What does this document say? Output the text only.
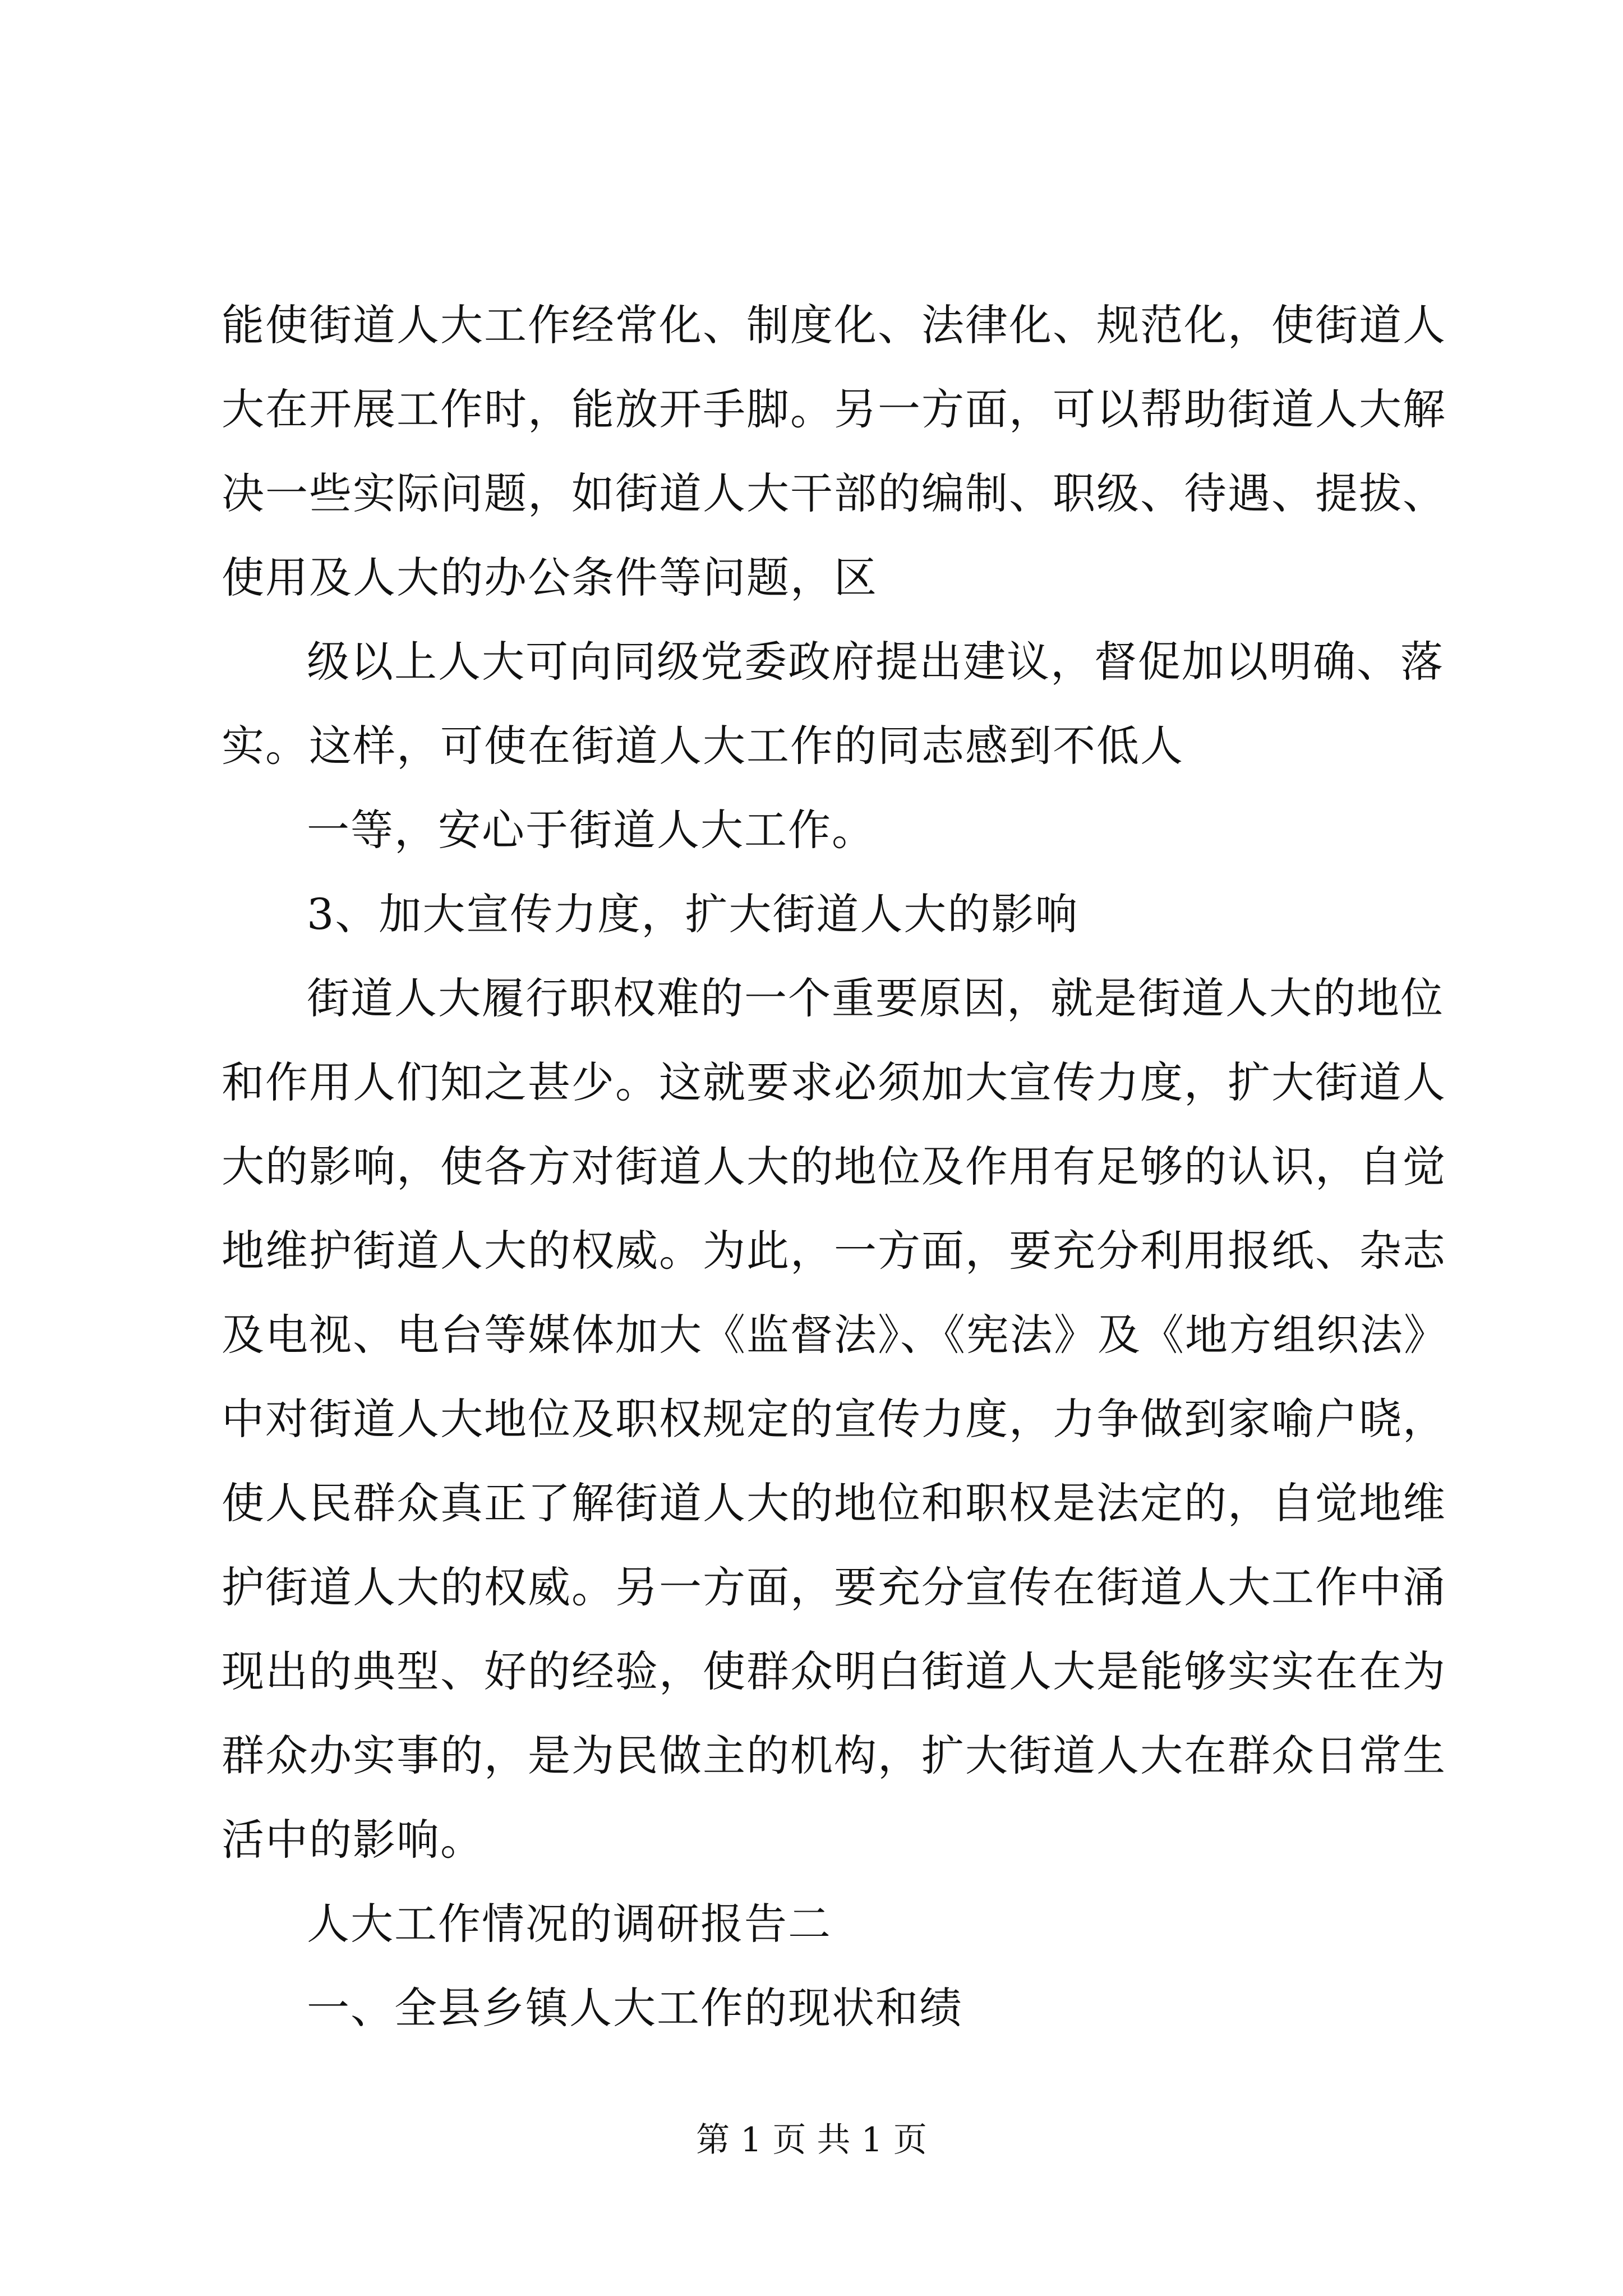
能使街道人大工作经常化、制度化、法律化、规范化，使街道人
大在开展工作时，能放开手脚。另一方面，可以帮助街道人大解
决一些实际问题，如街道人大干部的编制、职级、待遇、提拔、
使用及人大的办公条件等问题，区
级以上人大可向同级党委政府提出建议，督促加以明确、落
实。这样，可使在街道人大工作的同志感到不低人
一等，安心于街道人大工作。
3、加大宣传力度，扩大街道人大的影响
街道人大履行职权难的一个重要原因，就是街道人大的地位
和作用人们知之甚少。这就要求必须加大宣传力度，扩大街道人
大的影响，使各方对街道人大的地位及作用有足够的认识，自觉
地维护街道人大的权威。为此，一方面，要充分利用报纸、杂志
及电视、电台等媒体加大《监督法》、《宪法》及《地方组织法》
中对街道人大地位及职权规定的宣传力度，力争做到家喻户晓，
使人民群众真正了解街道人大的地位和职权是法定的，自觉地维
护街道人大的权威。另一方面，要充分宣传在街道人大工作中涌
现出的典型、好的经验，使群众明白街道人大是能够实实在在为
群众办实事的，是为民做主的机构，扩大街道人大在群众日常生
活中的影响。
人大工作情况的调研报告二
一、全县乡镇人大工作的现状和绩
第 1 页 共 1 页
